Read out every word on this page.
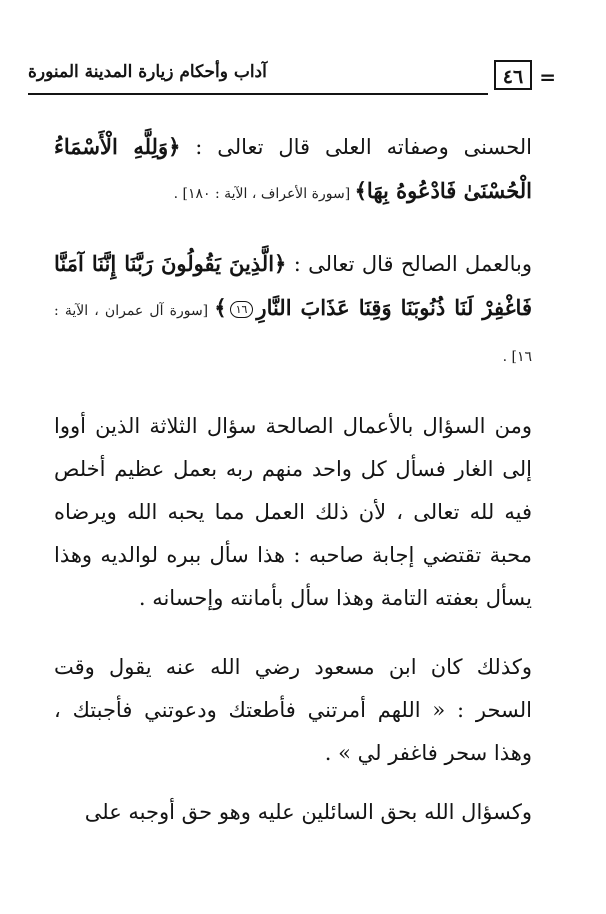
آداب وأحكام زيارة المدينة المنورة	٤٦ =

الحسنى وصفاته العلى قال تعالى : ﴿وَلِلَّهِ الْأَسْمَاءُ الْحُسْنَىٰ فَادْعُوهُ بِهَا﴾ [سورة الأعراف ، الآية : ١٨٠] .

وبالعمل الصالح قال تعالى : ﴿الَّذِينَ يَقُولُونَ رَبَّنَا إِنَّنَا آمَنَّا فَاغْفِرْ لَنَا ذُنُوبَنَا وَقِنَا عَذَابَ النَّارِ١٦﴾ [سورة آل عمران ، الآية : ١٦] .

ومن السؤال بالأعمال الصالحة سؤال الثلاثة الذين أووا إلى الغار فسأل كل واحد منهم ربه بعمل عظيم أخلص فيه لله تعالى ، لأن ذلك العمل مما يحبه الله ويرضاه محبة تقتضي إجابة صاحبه : هذا سأل ببره لوالديه وهذا يسأل بعفته التامة وهذا سأل بأمانته وإحسانه .

وكذلك كان ابن مسعود رضي الله عنه يقول وقت السحر : « اللهم أمرتني فأطعتك ودعوتني فأجبتك ، وهذا سحر فاغفر لي » .

وكسؤال الله بحق السائلين عليه وهو حق أوجبه على
